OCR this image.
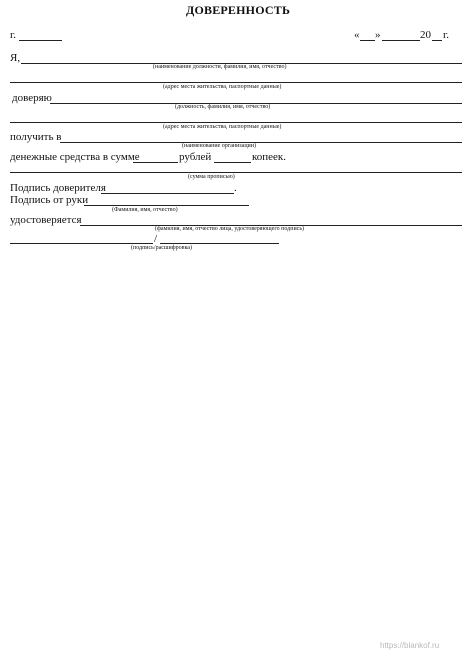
ДОВЕРЕННОСТЬ
г.	« »	20 г.
Я,
(наименование должности, фамилия, имя, отчество)
(адрес места жительства, паспортные данные)
доверяю
(должность, фамилия, имя, отчество)
(адрес места жительства, паспортные данные)
получить в
(наименование организации)
денежные средства в сумме	рублей	копеек.
(сумма прописью)
Подпись доверителя	.
Подпись от руки
(Фамилия, имя, отчество)
удостоверяется
(фамилия, имя, отчество лица, удостоверяющего подпись)
/
(подпись/расшифровка)
https://blankof.ru
